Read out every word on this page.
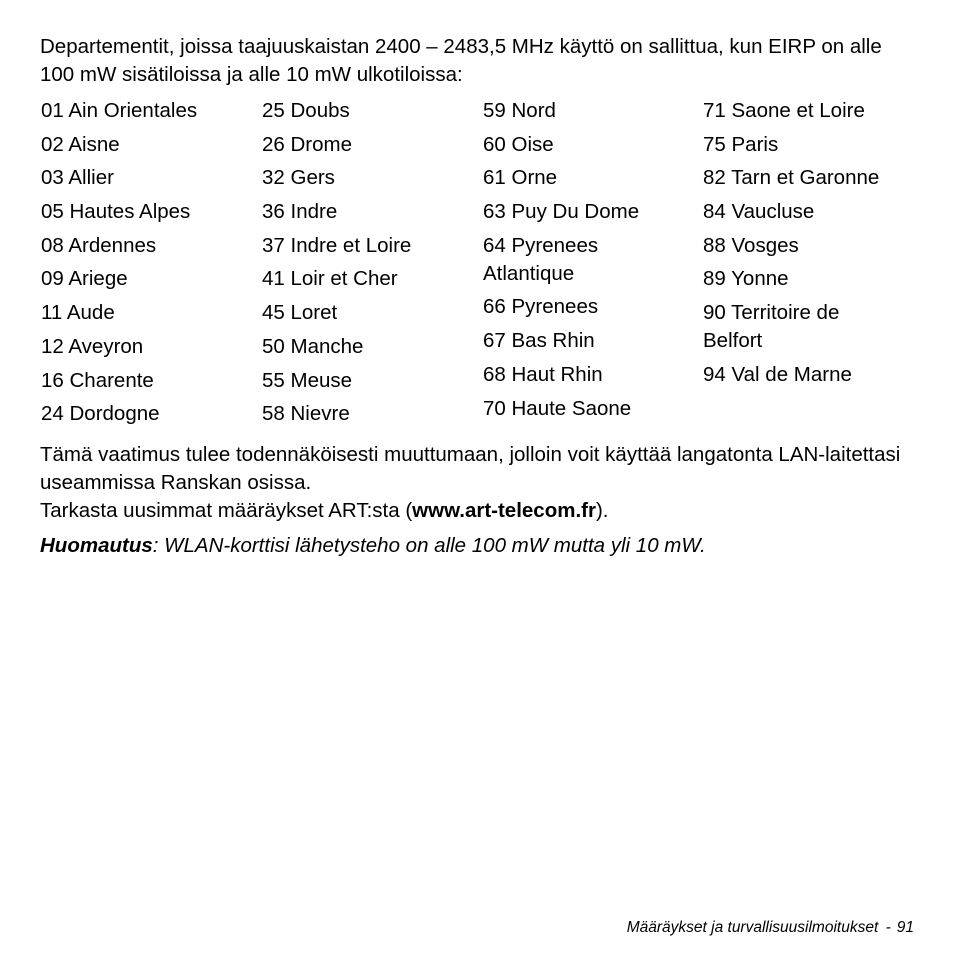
Departementit, joissa taajuuskaistan 2400 – 2483,5 MHz käyttö on sallittua, kun EIRP on alle 100 mW sisätiloissa ja alle 10 mW ulkotiloissa:

01 Ain Orientales
02 Aisne
03 Allier
05 Hautes Alpes
08 Ardennes
09 Ariege
11 Aude
12 Aveyron
16 Charente
24 Dordogne
25 Doubs
26 Drome
32 Gers
36 Indre
37 Indre et Loire
41 Loir et Cher
45 Loret
50 Manche
55 Meuse
58 Nievre
59 Nord
60 Oise
61 Orne
63 Puy Du Dome
64 Pyrenees Atlantique
66 Pyrenees
67 Bas Rhin
68 Haut Rhin
70 Haute Saone
71 Saone et Loire
75 Paris
82 Tarn et Garonne
84 Vaucluse
88 Vosges
89 Yonne
90 Territoire de Belfort
94 Val de Marne

Tämä vaatimus tulee todennäköisesti muuttumaan, jolloin voit käyttää langatonta LAN-laitettasi useammissa Ranskan osissa.

Tarkasta uusimmat määräykset ART:sta (www.art-telecom.fr).

Huomautus: WLAN-korttisi lähetysteho on alle 100 mW mutta yli 10 mW.

Määräykset ja turvallisuusilmoitukset - 91
